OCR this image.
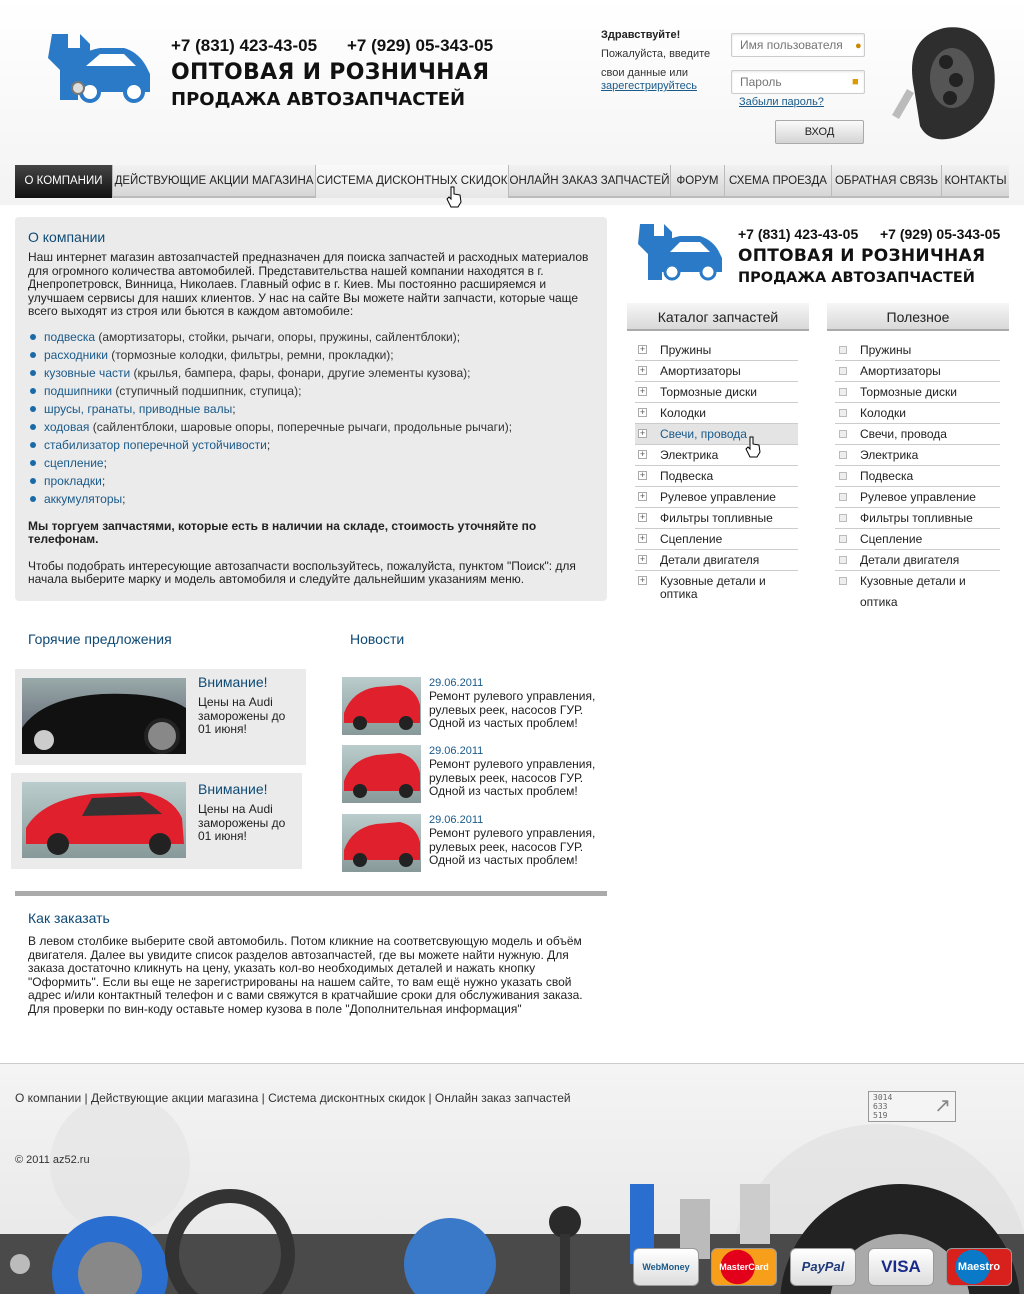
+7 (831) 423-43-05 +7 (929) 05-343-05
ОПТОВАЯ И РОЗНИЧНАЯ
ПРОДАЖА АВТОЗАПЧАСТЕЙ
Здравствуйте!
Пожалуйста, введите
свои данные или
зарегестрируйтесь
Имя пользователя
●
■
Забыли пароль?
ВХОД
О КОМПАНИИ	ДЕЙСТВУЮЩИЕ АКЦИИ МАГАЗИНА СИСТЕМА ДИСКОНТНЫХ СКИДОК ОНЛАЙН ЗАКАЗ ЗАПЧАСТЕЙ ФОРУМ СХЕМА ПРОЕЗДА ОБРАТНАЯ СВЯЗЬ КОНТАКТЫ
О компании
Наш интернет магазин автозапчастей предназначен для поиска запчастей и расходных материалов для огромного количества автомобилей. Представительства нашей компании находятся в г. Днепропетровск, Винница, Николаев. Главный офис в г. Киев. Мы постоянно расширяемся и улучшаем сервисы для наших клиентов. У нас на сайте Вы можете найти запчасти, которые чаще всего выходят из строя или бьются в каждом автомобиле:
подвеска (амортизаторы, стойки, рычаги, опоры, пружины, сайлентблоки);
расходники (тормозные колодки, фильтры, ремни, прокладки);
кузовные части (крылья, бампера, фары, фонари, другие элементы кузова);
подшипники (ступичный подшипник, ступица);
шрусы, гранаты, приводные валы;
ходовая (сайлентблоки, шаровые опоры, поперечные рычаги, продольные рычаги);
стабилизатор поперечной устойчивости;
сцепление;
прокладки;
аккумуляторы;
Мы торгуем запчастями, которые есть в наличии на складе, стоимость уточняйте по телефонам.
Чтобы подобрать интересующие автозапчасти воспользуйтесь, пожалуйста, пунктом "Поиск": для начала выберите марку и модель автомобиля и следуйте дальнейшим указаниям меню.
+7 (831) 423-43-05 +7 (929) 05-343-05
ОПТОВАЯ И РОЗНИЧНАЯ
ПРОДАЖА АВТОЗАПЧАСТЕЙ
Каталог запчастей	Полезное
+ Пружины
+ Амортизаторы
+ Тормозные диски
+ Колодки
+ Свечи, провода
+ Электрика
+ Подвеска
+ Рулевое управление
+ Фильтры топливные
+ Сцепление
+ Детали двигателя
+ Кузовные детали и оптика
Пружины
Амортизаторы
Тормозные диски
Колодки
Свечи, провода
Электрика
Подвеска
Рулевое управление
Фильтры топливные
Сцепление
Детали двигателя
Кузовные детали и оптика
Горячие предложения
Внимание!
Цены на Audi заморожены до 01 июня!
Внимание!
Цены на Audi заморожены до 01 июня!
Новости
29.06.2011
Ремонт рулевого управления, рулевых реек, насосов ГУР. Одной из частых проблем!
29.06.2011
Ремонт рулевого управления, рулевых реек, насосов ГУР. Одной из частых проблем!
29.06.2011
Ремонт рулевого управления, рулевых реек, насосов ГУР. Одной из частых проблем!
Как заказать
В левом столбике выберите свой автомобиль. Потом кликние на соответсвующую модель и объём двигателя. Далее вы увидите список разделов автозапчастей, где вы можете найти нужную. Для заказа достаточно кликнуть на цену, указать кол-во необходимых деталей и нажать кнопку "Оформить". Если вы еще не зарегистрированы на нашем сайте, то вам ещё нужно указать свой адрес и/или контактный телефон и с вами свяжутся в кратчайшие сроки для обслуживания заказа. Для проверки по вин-коду оставьте номер кузова в поле "Дополнительная информация"
О компании | Действующие акции магазина | Система дисконтных скидок | Онлайн заказ запчастей
© 2011 az52.ru
3014
633
519 ↗
WebMoney	MasterCard	PayPal	VISA	Maestro
